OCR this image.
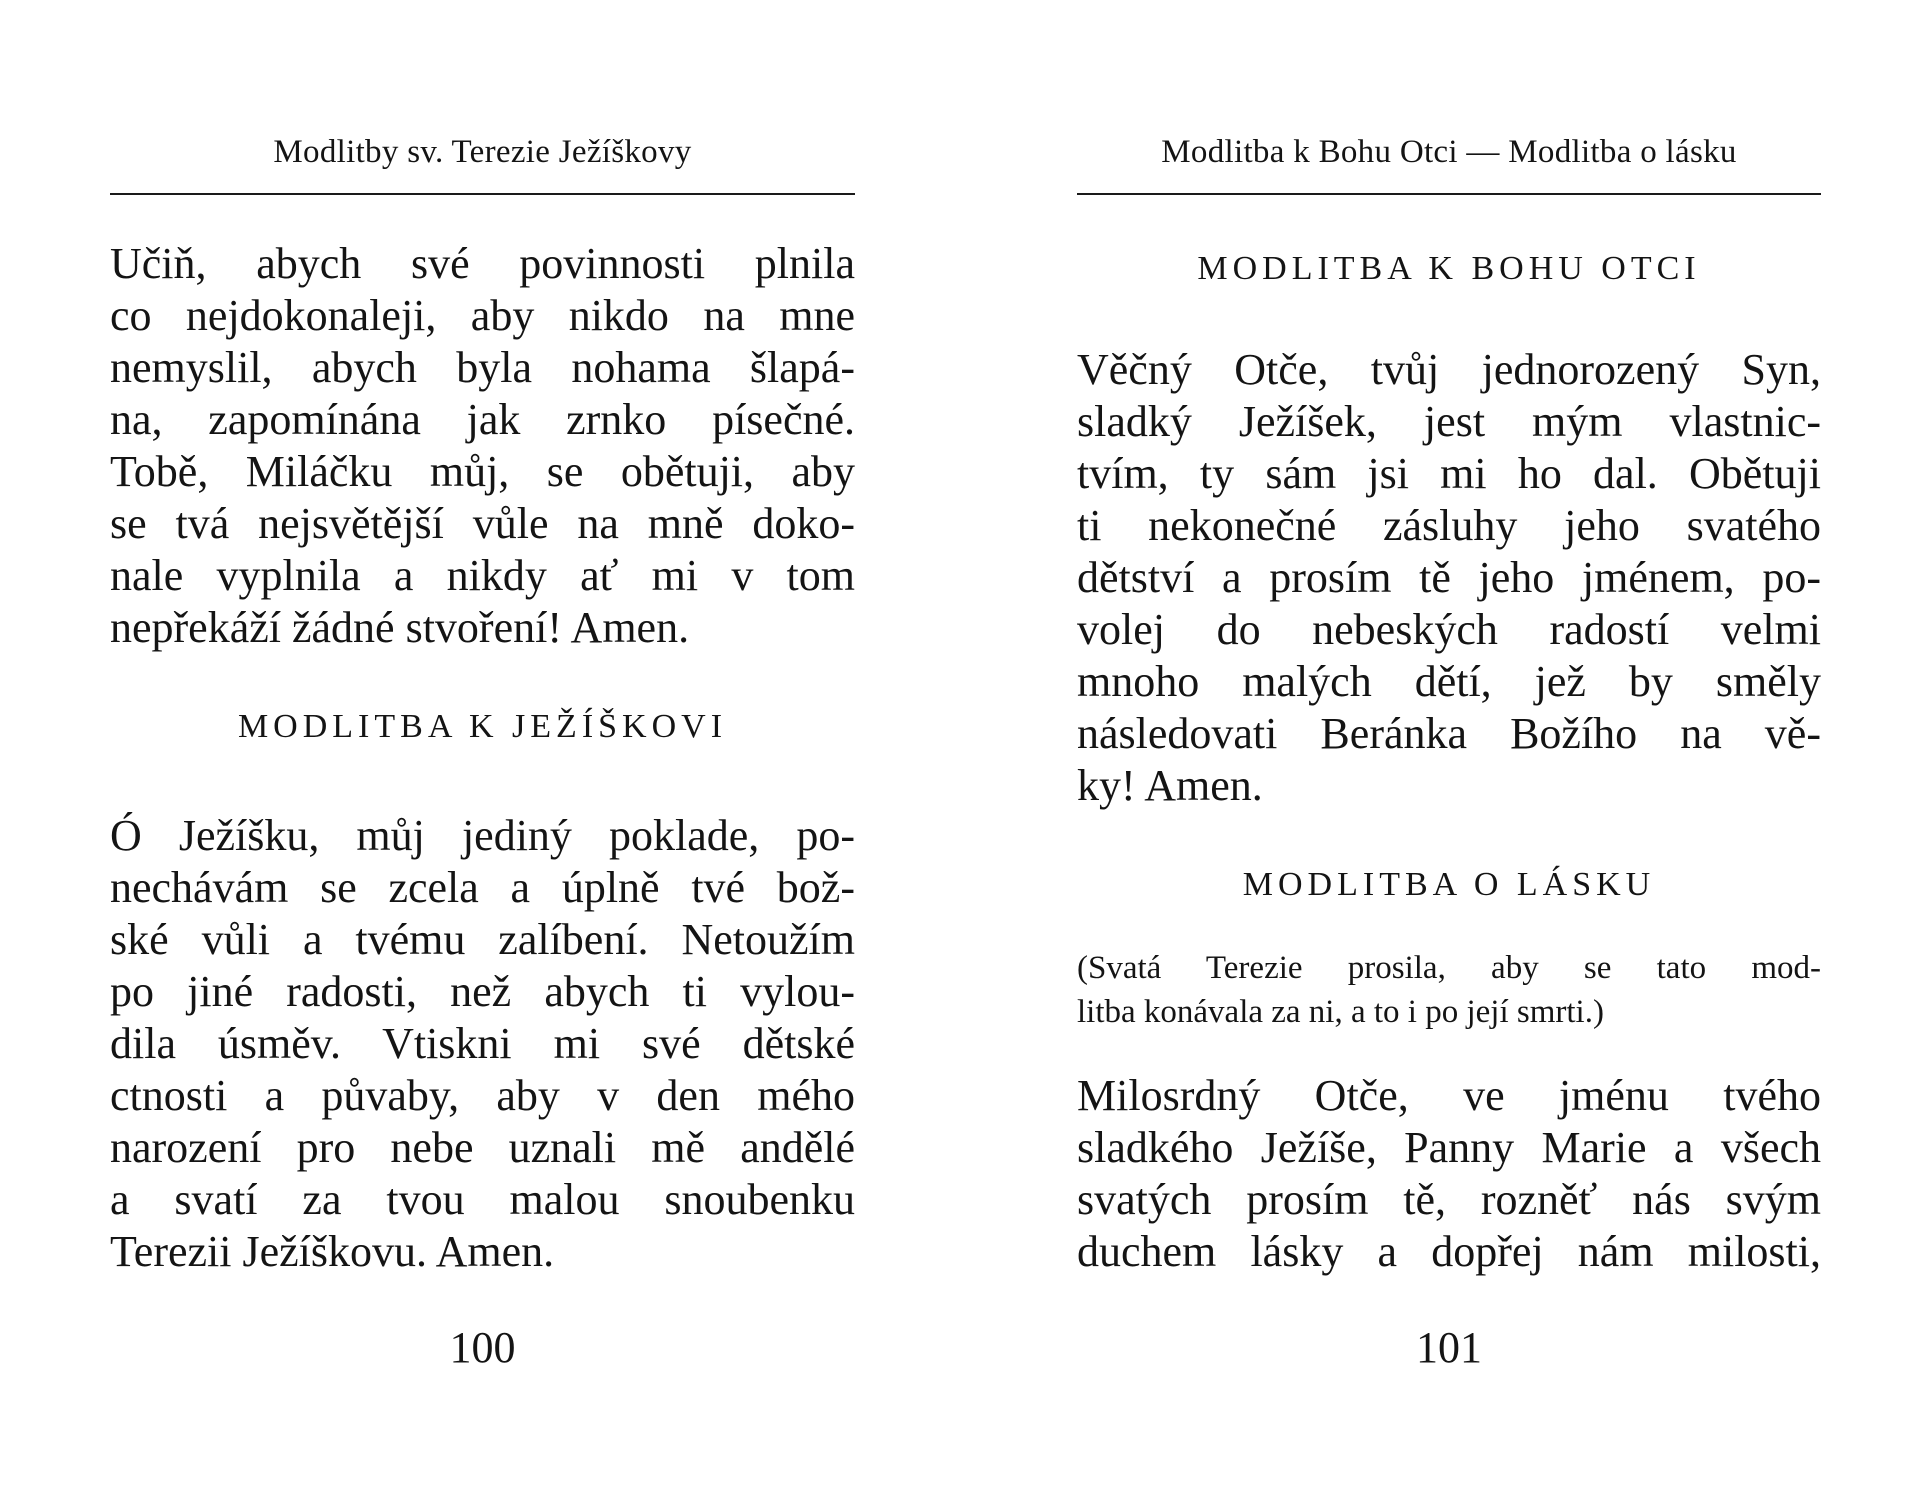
Modlitby sv. Terezie Ježíškovy
Učiň, abych své povinnosti plnila
co nejdokonaleji, aby nikdo na mne
nemyslil, abych byla nohama šlapá-
na, zapomínána jak zrnko písečné.
Tobě, Miláčku můj, se obětuji, aby
se tvá nejsvětější vůle na mně doko-
nale vyplnila a nikdy ať mi v tom
nepřekáží žádné stvoření! Amen.
MODLITBA K JEŽÍŠKOVI
Ó Ježíšku, můj jediný poklade, po-
nechávám se zcela a úplně tvé bož-
ské vůli a tvému zalíbení. Netoužím
po jiné radosti, než abych ti vylou-
dila úsměv. Vtiskni mi své dětské
ctnosti a půvaby, aby v den mého
narození pro nebe uznali mě andělé
a svatí za tvou malou snoubenku
Terezii Ježíškovu. Amen.
100
Modlitba k Bohu Otci — Modlitba o lásku
MODLITBA K BOHU OTCI
Věčný Otče, tvůj jednorozený Syn,
sladký Ježíšek, jest mým vlastnic-
tvím, ty sám jsi mi ho dal. Obětuji
ti nekonečné zásluhy jeho svatého
dětství a prosím tě jeho jménem, po-
volej do nebeských radostí velmi
mnoho malých dětí, jež by směly
následovati Beránka Božího na vě-
ky! Amen.
MODLITBA O LÁSKU
(Svatá Terezie prosila, aby se tato mod-
litba konávala za ni, a to i po její smrti.)
Milosrdný Otče, ve jménu tvého
sladkého Ježíše, Panny Marie a všech
svatých prosím tě, rozněť nás svým
duchem lásky a dopřej nám milosti,
101
